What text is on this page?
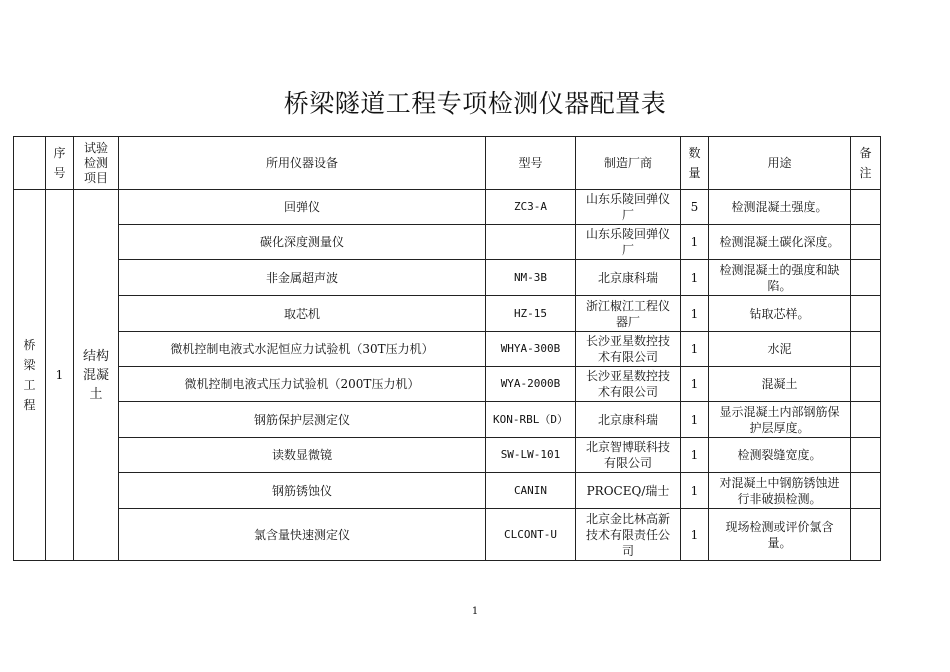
桥梁隧道工程专项检测仪器配置表
	序号	试验检测项目	所用仪器设备	型号	制造厂商	数量	用途	备注
桥梁工程	1	结构混凝土	回弹仪	ZC3-A	山东乐陵回弹仪厂	5	检测混凝土强度。	
			碳化深度测量仪		山东乐陵回弹仪厂	1	检测混凝土碳化深度。	
			非金属超声波	NM-3B	北京康科瑞	1	检测混凝土的强度和缺陷。	
			取芯机	HZ-15	浙江椒江工程仪器厂	1	钻取芯样。	
			微机控制电液式水泥恒应力试验机（30T压力机）	WHYA-300B	长沙亚星数控技术有限公司	1	水泥	
			微机控制电液式压力试验机（200T压力机）	WYA-2000B	长沙亚星数控技术有限公司	1	混凝土	
			钢筋保护层测定仪	KON-RBL（D）	北京康科瑞	1	显示混凝土内部钢筋保护层厚度。	
			读数显微镜	SW-LW-101	北京智博联科技有限公司	1	检测裂缝宽度。	
			钢筋锈蚀仪	CANIN	PROCEQ/瑞士	1	对混凝土中钢筋锈蚀进行非破损检测。	
			氯含量快速测定仪	CLCONT-U	北京金比林高新技术有限责任公司	1	现场检测或评价氯含量。	
1
